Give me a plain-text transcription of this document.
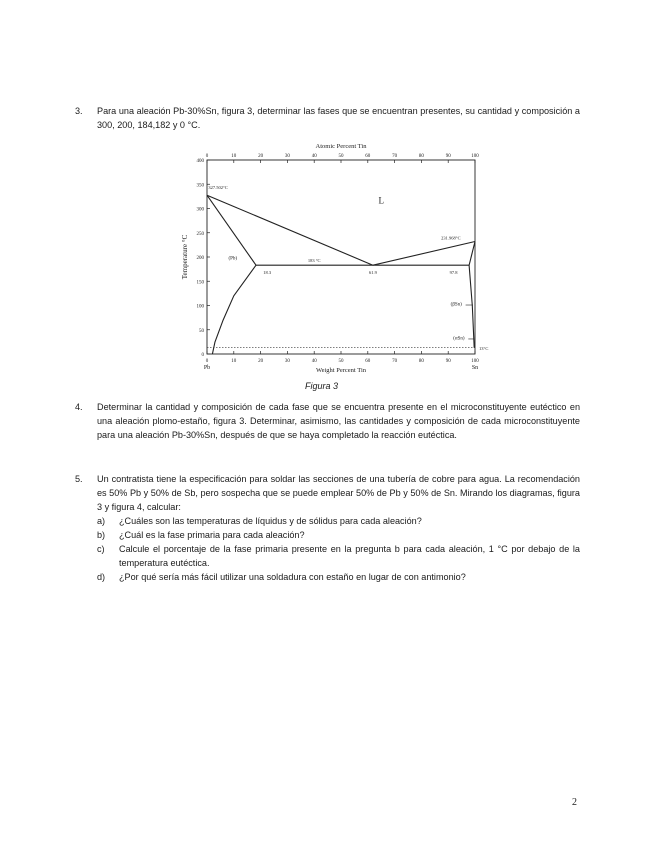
3. Para una aleación Pb-30%Sn, figura 3, determinar las fases que se encuentran presentes, su cantidad y composición a 300, 200, 184,182 y 0 °C.

0
0
10
10
20
20
30
30
40
40
50
50
60
60
70
70
80
80
90
90
100
100
0
50
100
150
200
250
300
350
400
Atomic Percent Tin
Weight Percent Tin
Temperature °C
Pb	Sn
327.502°C
231.968°C
183 °C
18.3	61.9	97.8
L
(Pb)
(βSn)
(αSn)
13°C
Figura 3
4. Determinar la cantidad y composición de cada fase que se encuentra presente en el microconstituyente eutéctico en una aleación plomo-estaño, figura 3. Determinar, asimismo, las cantidades y composición de cada microconstituyente para una aleación Pb-30%Sn, después de que se haya completado la reacción eutéctica.

5. Un contratista tiene la especificación para soldar las secciones de una tubería de cobre para agua. La recomendación es 50% Pb y 50% de Sb, pero sospecha que se puede emplear 50% de Pb y 50% de Sn. Mirando los diagramas, figura 3 y figura 4, calcular:

a) ¿Cuáles son las temperaturas de líquidus y de sólidus para cada aleación?
b) ¿Cuál es la fase primaria para cada aleación?
c) Calcule el porcentaje de la fase primaria presente en la pregunta b para cada aleación, 1 °C por debajo de la temperatura eutéctica.
d) ¿Por qué sería más fácil utilizar una soldadura con estaño en lugar de con antimonio?
2
